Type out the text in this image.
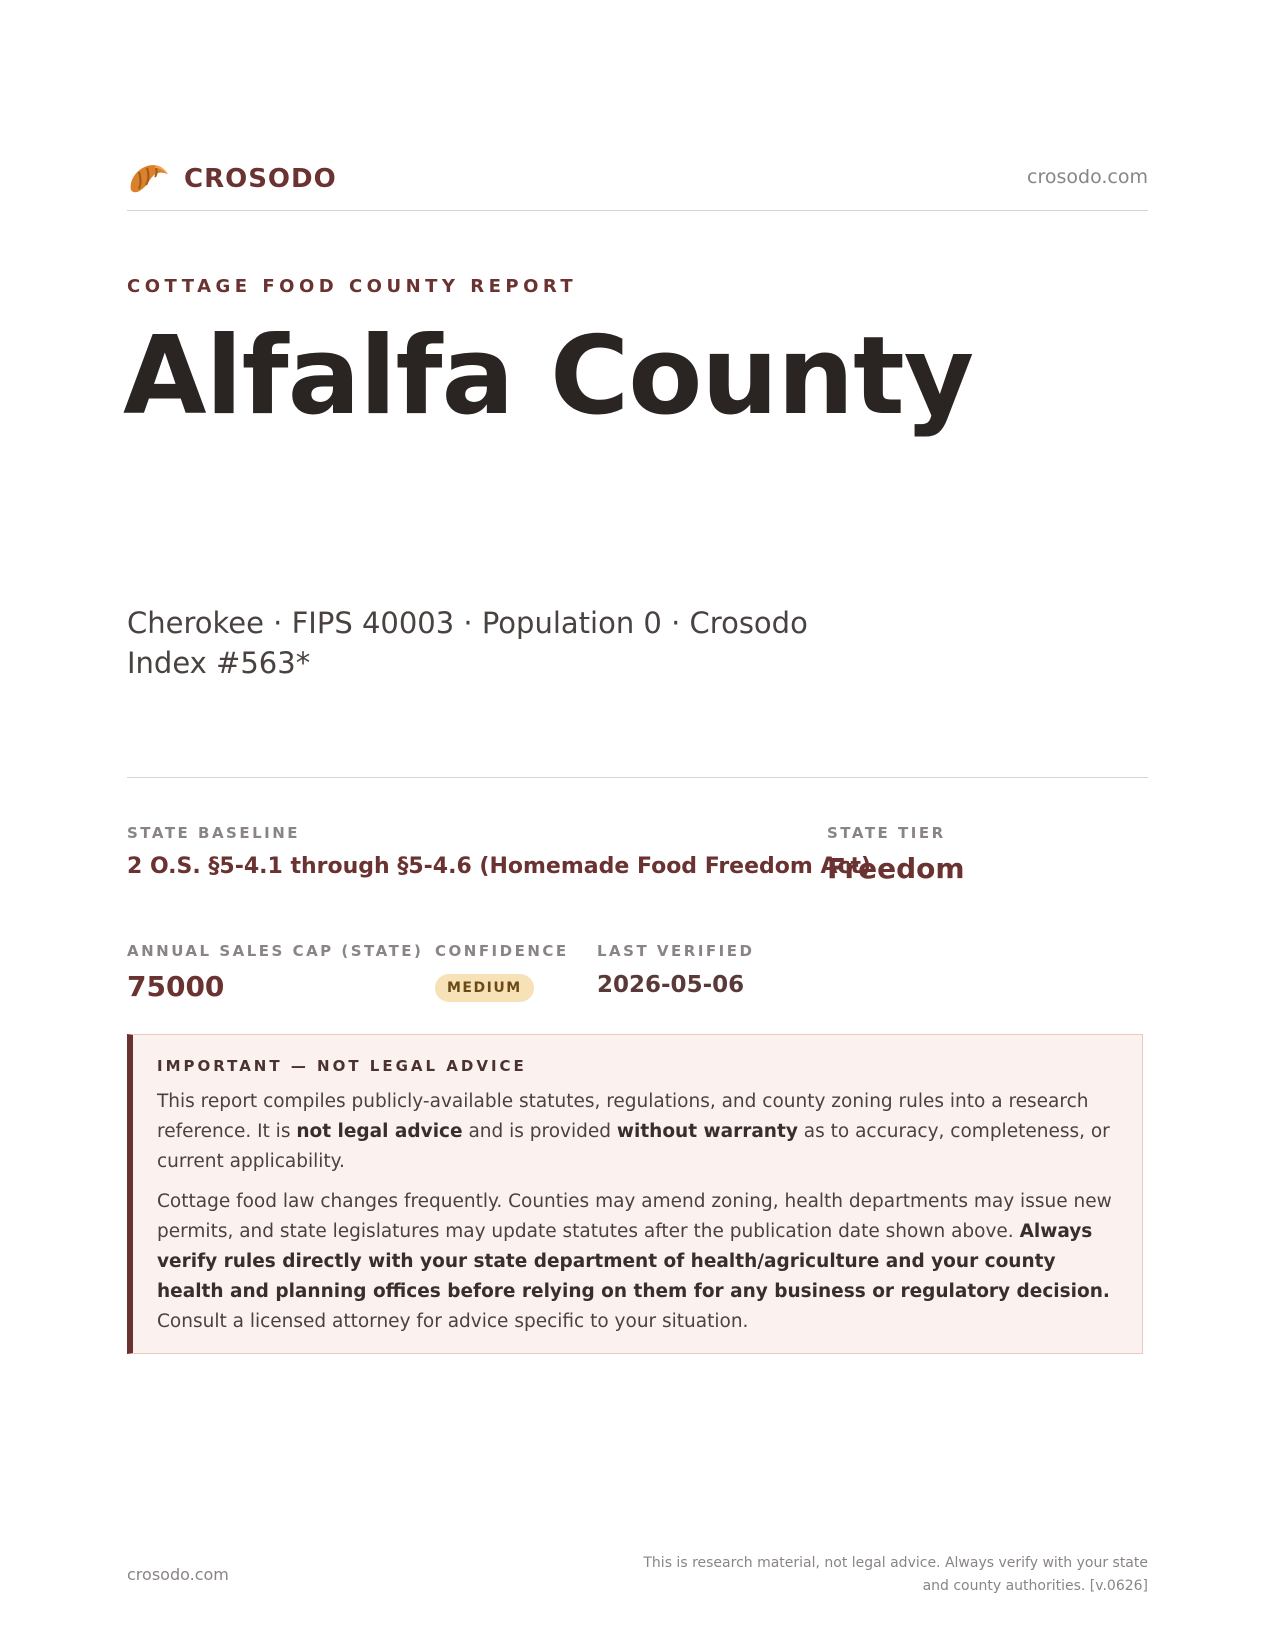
CROSODO	crosodo.com
COTTAGE FOOD COUNTY REPORT
Alfalfa County
Cherokee · FIPS 40003 · Population 0 · Crosodo Index #563*
STATE BASELINE
2 O.S. §5-4.1 through §5-4.6 (Homemade Food Freedom Act)
STATE TIER
Freedom
ANNUAL SALES CAP (STATE)
75000
CONFIDENCE
MEDIUM
LAST VERIFIED
2026-05-06
IMPORTANT — NOT LEGAL ADVICE

This report compiles publicly-available statutes, regulations, and county zoning rules into a research reference. It is not legal advice and is provided without warranty as to accuracy, completeness, or current applicability.

Cottage food law changes frequently. Counties may amend zoning, health departments may issue new permits, and state legislatures may update statutes after the publication date shown above. Always verify rules directly with your state department of health/agriculture and your county health and planning offices before relying on them for any business or regulatory decision. Consult a licensed attorney for advice specific to your situation.

crosodo.com
This is research material, not legal advice. Always verify with your state and county authorities. [v.0626]
